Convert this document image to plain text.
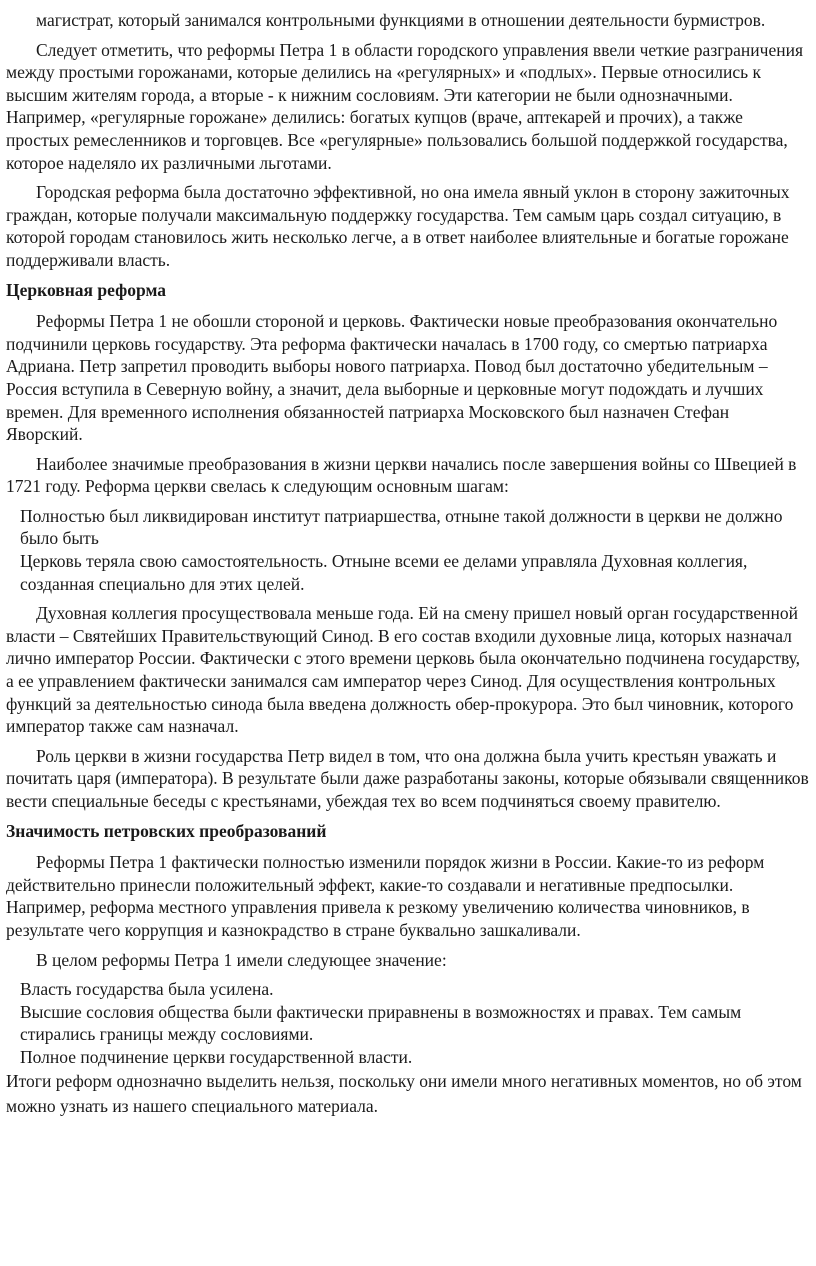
магистрат, который занимался контрольными функциями в отношении деятельности бурмистров.

Следует отметить, что реформы Петра 1 в области городского управления ввели четкие разграничения между простыми горожанами, которые делились на «регулярных» и «подлых». Первые относились к высшим жителям города, а вторые - к нижним сословиям. Эти категории не были однозначными. Например, «регулярные горожане» делились: богатых купцов (враче, аптекарей и прочих), а также простых ремесленников и торговцев. Все «регулярные» пользовались большой поддержкой государства, которое наделяло их различными льготами.

Городская реформа была достаточно эффективной, но она имела явный уклон в сторону зажиточных граждан, которые получали максимальную поддержку государства. Тем самым царь создал ситуацию, в которой городам становилось жить несколько легче, а в ответ наиболее влиятельные и богатые горожане поддерживали власть.

Церковная реформа

Реформы Петра 1 не обошли стороной и церковь. Фактически новые преобразования окончательно подчинили церковь государству. Эта реформа фактически началась в 1700 году, со смертью патриарха Адриана. Петр запретил проводить выборы нового патриарха. Повод был достаточно убедительным – Россия вступила в Северную войну, а значит, дела выборные и церковные могут подождать и лучших времен. Для временного исполнения обязанностей патриарха Московского был назначен Стефан Яворский.

Наиболее значимые преобразования в жизни церкви начались после завершения войны со Швецией в 1721 году. Реформа церкви свелась к следующим основным шагам:

Полностью был ликвидирован институт патриаршества, отныне такой должности в церкви не должно было быть
Церковь теряла свою самостоятельность. Отныне всеми ее делами управляла Духовная коллегия, созданная специально для этих целей.

Духовная коллегия просуществовала меньше года. Ей на смену пришел новый орган государственной власти – Святейших Правительствующий Синод. В его состав входили духовные лица, которых назначал лично император России. Фактически с этого времени церковь была окончательно подчинена государству, а ее управлением фактически занимался сам император через Синод. Для осуществления контрольных функций за деятельностью синода была введена должность обер-прокурора. Это был чиновник, которого император также сам назначал.

Роль церкви в жизни государства Петр видел в том, что она должна была учить крестьян уважать и почитать царя (императора). В результате были даже разработаны законы, которые обязывали священников вести специальные беседы с крестьянами, убеждая тех во всем подчиняться своему правителю.

Значимость петровских преобразований

Реформы Петра 1 фактически полностью изменили порядок жизни в России. Какие-то из реформ действительно принесли положительный эффект, какие-то создавали и негативные предпосылки. Например, реформа местного управления привела к резкому увеличению количества чиновников, в результате чего коррупция и казнокрадство в стране буквально зашкаливали.

В целом реформы Петра 1 имели следующее значение:

Власть государства была усилена.
Высшие сословия общества были фактически приравнены в возможностях и правах. Тем самым стирались границы между сословиями.
Полное подчинение церкви государственной власти.

Итоги реформ однозначно выделить нельзя, поскольку они имели много негативных моментов, но об этом можно узнать из нашего специального материала.
